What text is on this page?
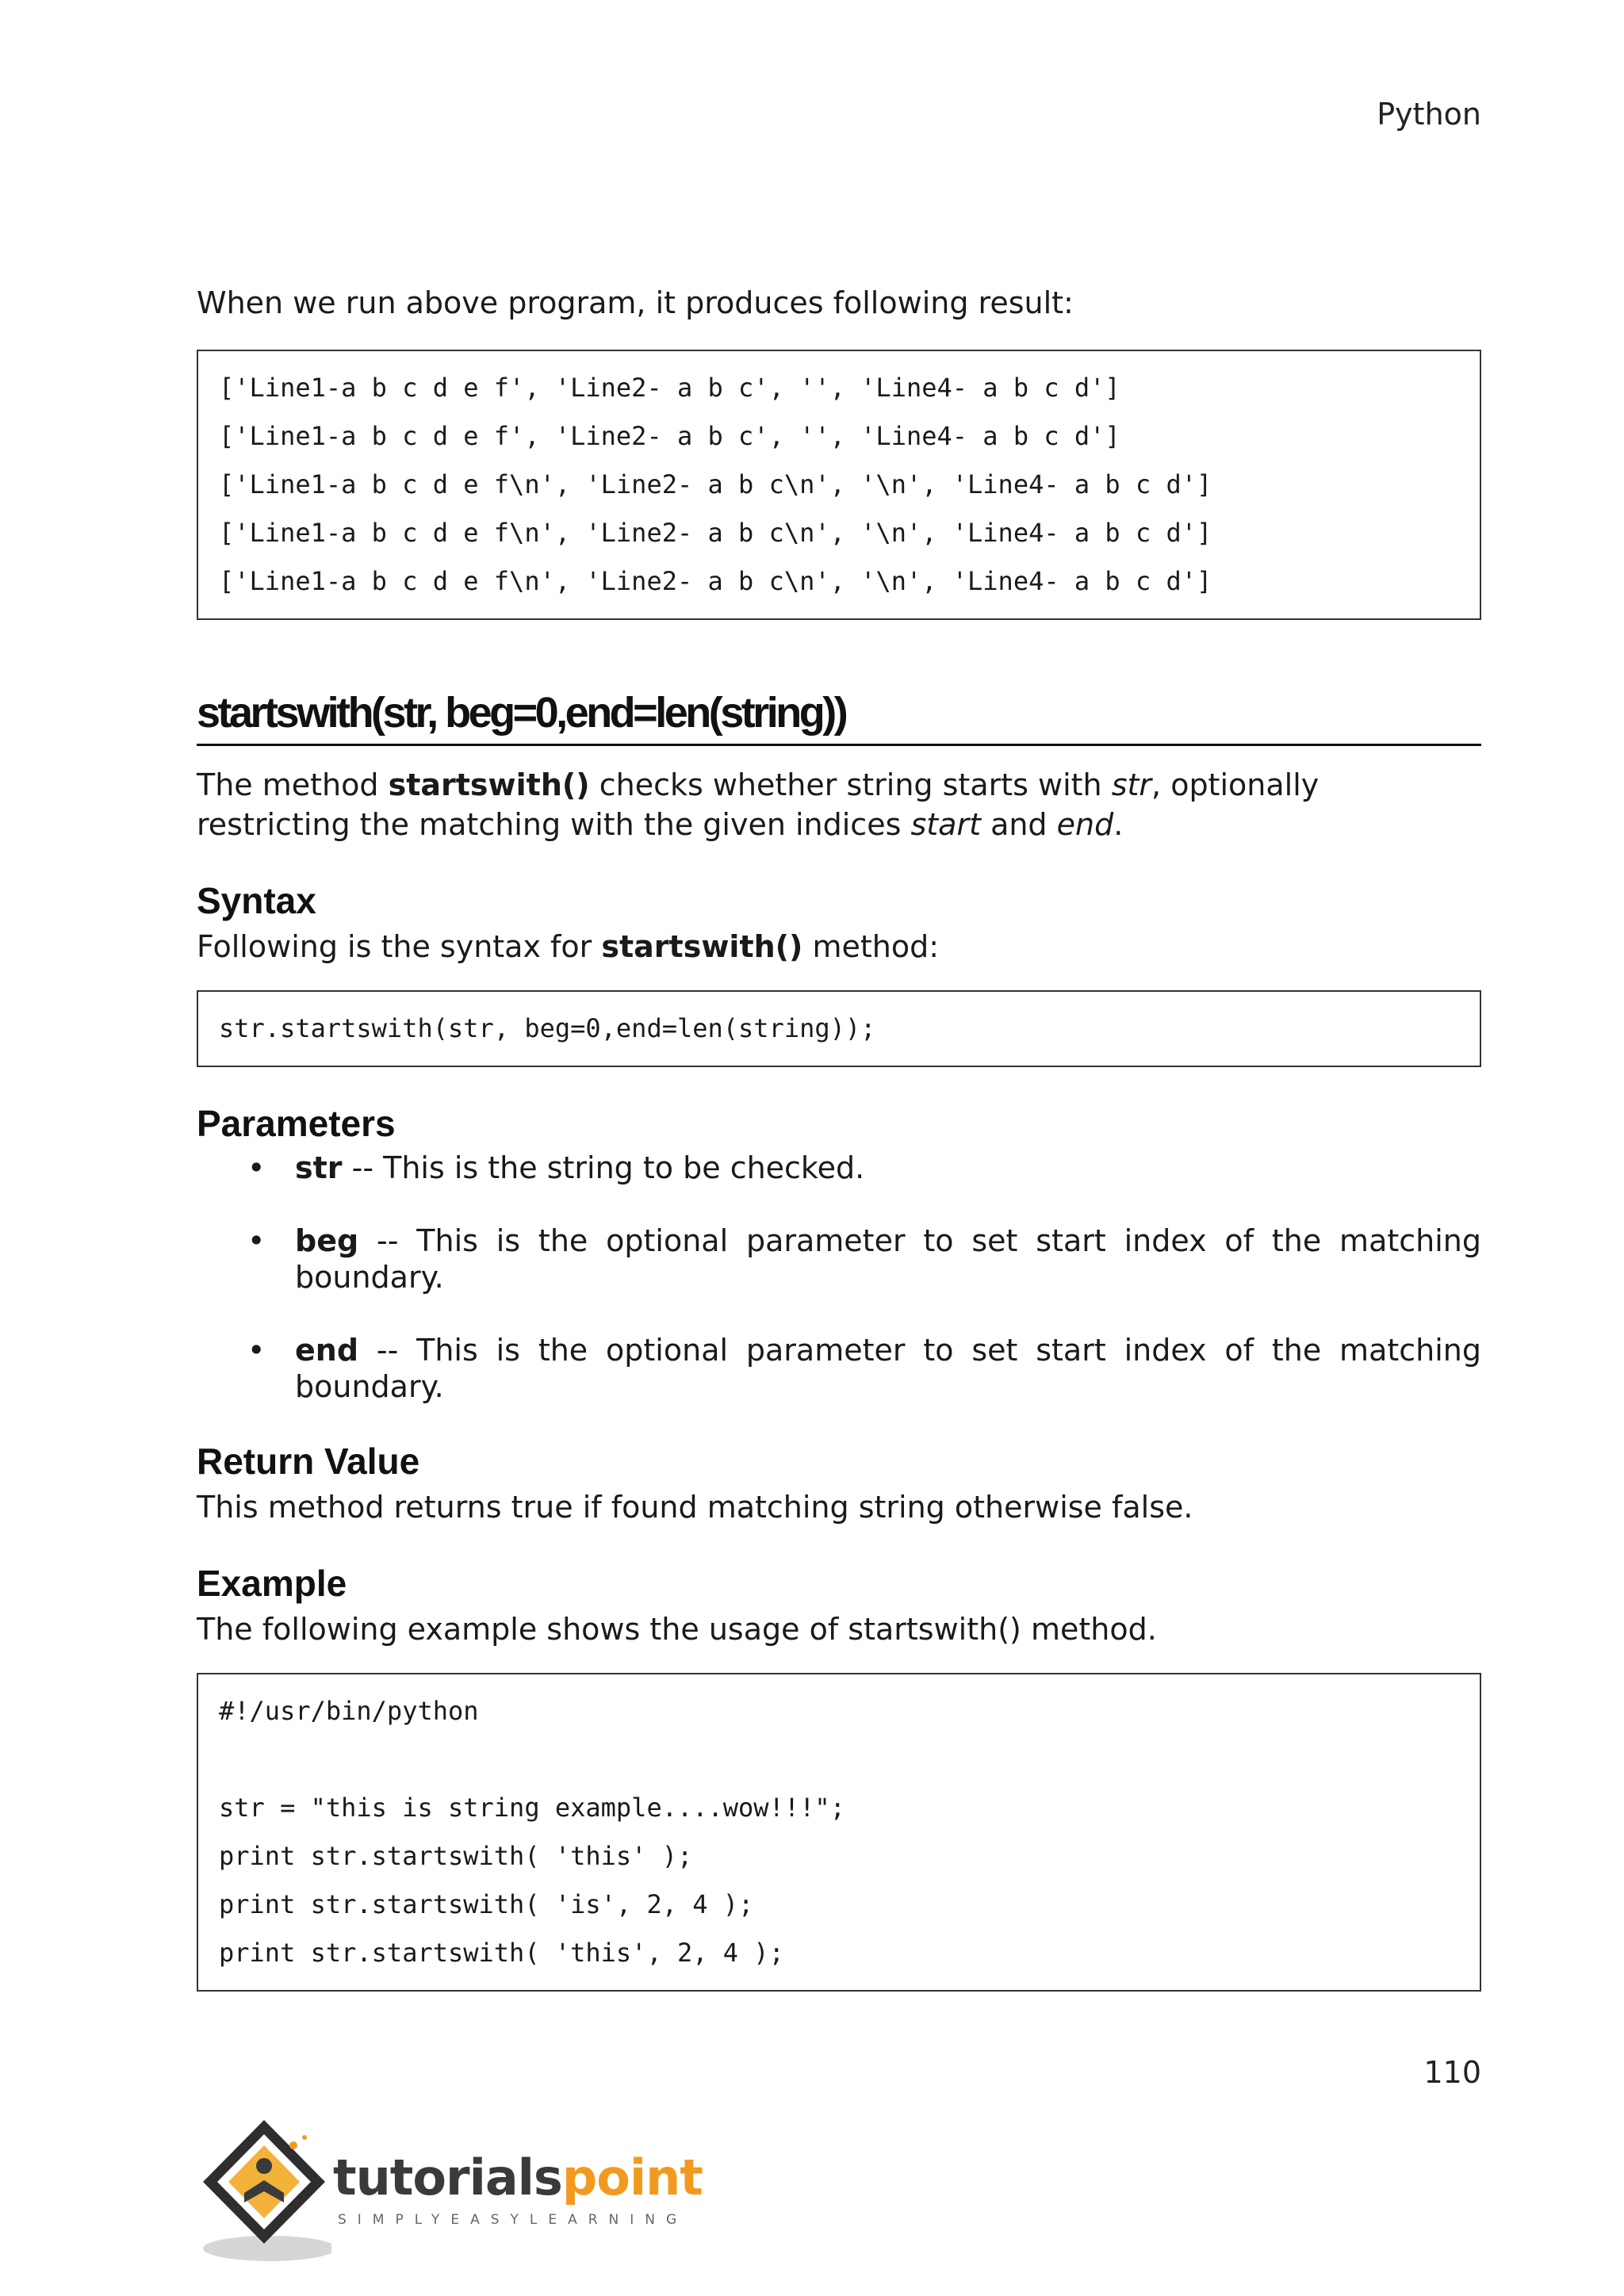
Python

When we run above program, it produces following result:

['Line1-a b c d e f', 'Line2- a b c', '', 'Line4- a b c d']
['Line1-a b c d e f', 'Line2- a b c', '', 'Line4- a b c d']
['Line1-a b c d e f\n', 'Line2- a b c\n', '\n', 'Line4- a b c d']
['Line1-a b c d e f\n', 'Line2- a b c\n', '\n', 'Line4- a b c d']
['Line1-a b c d e f\n', 'Line2- a b c\n', '\n', 'Line4- a b c d']
startswith(str, beg=0,end=len(string))

The method startswith() checks whether string starts with str, optionally restricting the matching with the given indices start and end.

Syntax

Following is the syntax for startswith() method:

str.startswith(str, beg=0,end=len(string));
Parameters
• str -- This is the string to be checked.
• beg -- This is the optional parameter to set start index of the matching boundary.
• end -- This is the optional parameter to set start index of the matching boundary.
Return Value

This method returns true if found matching string otherwise false.

Example

The following example shows the usage of startswith() method.

#!/usr/bin/python
str = "this is string example....wow!!!";
print str.startswith( 'this' );
print str.startswith( 'is', 2, 4 );
print str.startswith( 'this', 2, 4 );
110
tutorialspoint
SIMPLYEASYLEARNING
